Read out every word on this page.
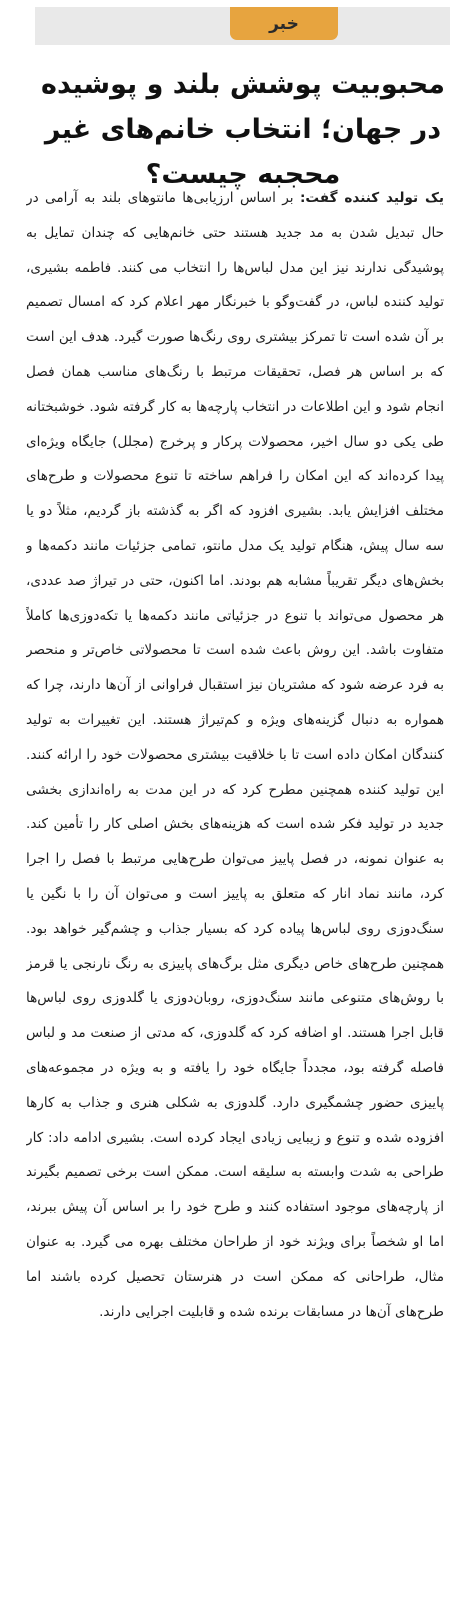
خبر
محبوبیت پوشش بلند و پوشیده در جهان؛ انتخاب خانم‌های غیر محجبه چیست؟
یک تولید کننده گفت: بر اساس ارزیابی‌ها مانتوهای بلند به آرامی در حال تبدیل شدن به مد جدید هستند حتی خانم‌هایی که چندان تمایل به پوشیدگی ندارند نیز این مدل لباس‌ها را انتخاب می کنند. فاطمه بشیری، تولید کننده لباس، در گفت‌وگو با خبرنگار مهر اعلام کرد که امسال تصمیم بر آن شده است تا تمرکز بیشتری روی رنگ‌ها صورت گیرد. هدف این است که بر اساس هر فصل، تحقیقات مرتبط با رنگ‌های مناسب همان فصل انجام شود و این اطلاعات در انتخاب پارچه‌ها به کار گرفته شود. خوشبختانه طی یکی دو سال اخیر، محصولات پرکار و پرخرج (مجلل) جایگاه ویژه‌ای پیدا کرده‌اند که این امکان را فراهم ساخته تا تنوع محصولات و طرح‌های مختلف افزایش یابد. بشیری افزود که اگر به گذشته باز گردیم، مثلاً دو یا سه سال پیش، هنگام تولید یک مدل مانتو، تمامی جزئیات مانند دکمه‌ها و بخش‌های دیگر تقریباً مشابه هم بودند. اما اکنون، حتی در تیراژ صد عددی، هر محصول می‌تواند با تنوع در جزئیاتی مانند دکمه‌ها یا تکه‌دوزی‌ها کاملاً متفاوت باشد. این روش باعث شده است تا محصولاتی خاص‌تر و منحصر به فرد عرضه شود که مشتریان نیز استقبال فراوانی از آن‌ها دارند، چرا که همواره به دنبال گزینه‌های ویژه و کم‌تیراژ هستند. این تغییرات به تولید کنندگان امکان داده است تا با خلاقیت بیشتری محصولات خود را ارائه کنند. این تولید کننده همچنین مطرح کرد که در این مدت به راه‌اندازی بخشی جدید در تولید فکر شده است که هزینه‌های بخش اصلی کار را تأمین کند. به عنوان نمونه، در فصل پاییز می‌توان طرح‌هایی مرتبط با فصل را اجرا کرد، مانند نماد انار که متعلق به پاییز است و می‌توان آن را با نگین یا سنگ‌دوزی روی لباس‌ها پیاده کرد که بسیار جذاب و چشم‌گیر خواهد بود. همچنین طرح‌های خاص دیگری مثل برگ‌های پاییزی به رنگ نارنجی یا قرمز با روش‌های متنوعی مانند سنگ‌دوزی، روبان‌دوزی یا گلدوزی روی لباس‌ها قابل اجرا هستند. او اضافه کرد که گلدوزی، که مدتی از صنعت مد و لباس فاصله گرفته بود، مجدداً جایگاه خود را یافته و به ویژه در مجموعه‌های پاییزی حضور چشمگیری دارد. گلدوزی به شکلی هنری و جذاب به کارها افزوده شده و تنوع و زیبایی زیادی ایجاد کرده است. بشیری ادامه داد: کار طراحی به شدت وابسته به سلیقه است. ممکن است برخی تصمیم بگیرند از پارچه‌های موجود استفاده کنند و طرح خود را بر اساس آن پیش ببرند، اما او شخصاً برای ویژند خود از طراحان مختلف بهره می گیرد. به عنوان مثال، طراحانی که ممکن است در هنرستان تحصیل کرده باشند اما طرح‌های آن‌ها در مسابقات برنده شده و قابلیت اجرایی دارند.
